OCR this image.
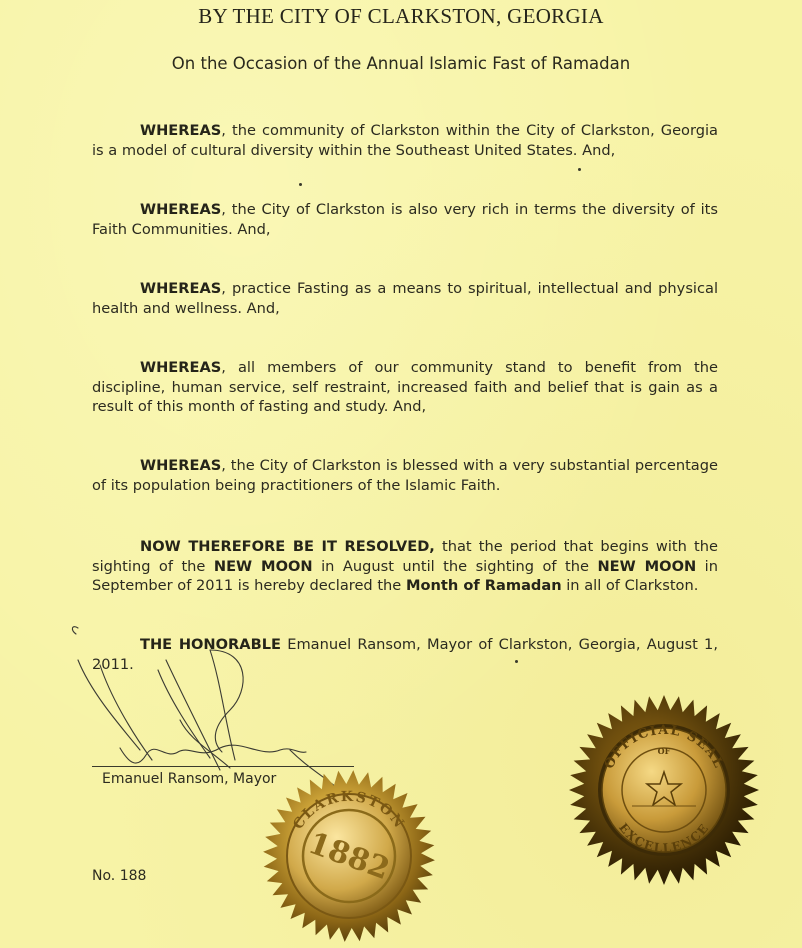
BY THE CITY OF CLARKSTON, GEORGIA
On the Occasion of the Annual Islamic Fast of Ramadan
WHEREAS, the community of Clarkston within the City of Clarkston, Georgia is a model of cultural diversity within the Southeast United States. And,
WHEREAS, the City of Clarkston is also very rich in terms the diversity of its Faith Communities. And,
WHEREAS, practice Fasting as a means to spiritual, intellectual and physical health and wellness. And,
WHEREAS, all members of our community stand to benefit from the discipline, human service, self restraint, increased faith and belief that is gain as a result of this month of fasting and study. And,
WHEREAS, the City of Clarkston is blessed with a very substantial percentage of its population being practitioners of the Islamic Faith.
NOW THEREFORE BE IT RESOLVED, that the period that begins with the sighting of the NEW MOON in August until the sighting of the NEW MOON in September of 2011 is hereby declared the Month of Ramadan in all of Clarkston.
THE HONORABLE Emanuel Ransom, Mayor of Clarkston, Georgia, August 1, 2011.
Emanuel Ransom, Mayor
No. 188
CLARKSTON
1882
OFFICIAL SEAL
OF
EXCELLENCE
